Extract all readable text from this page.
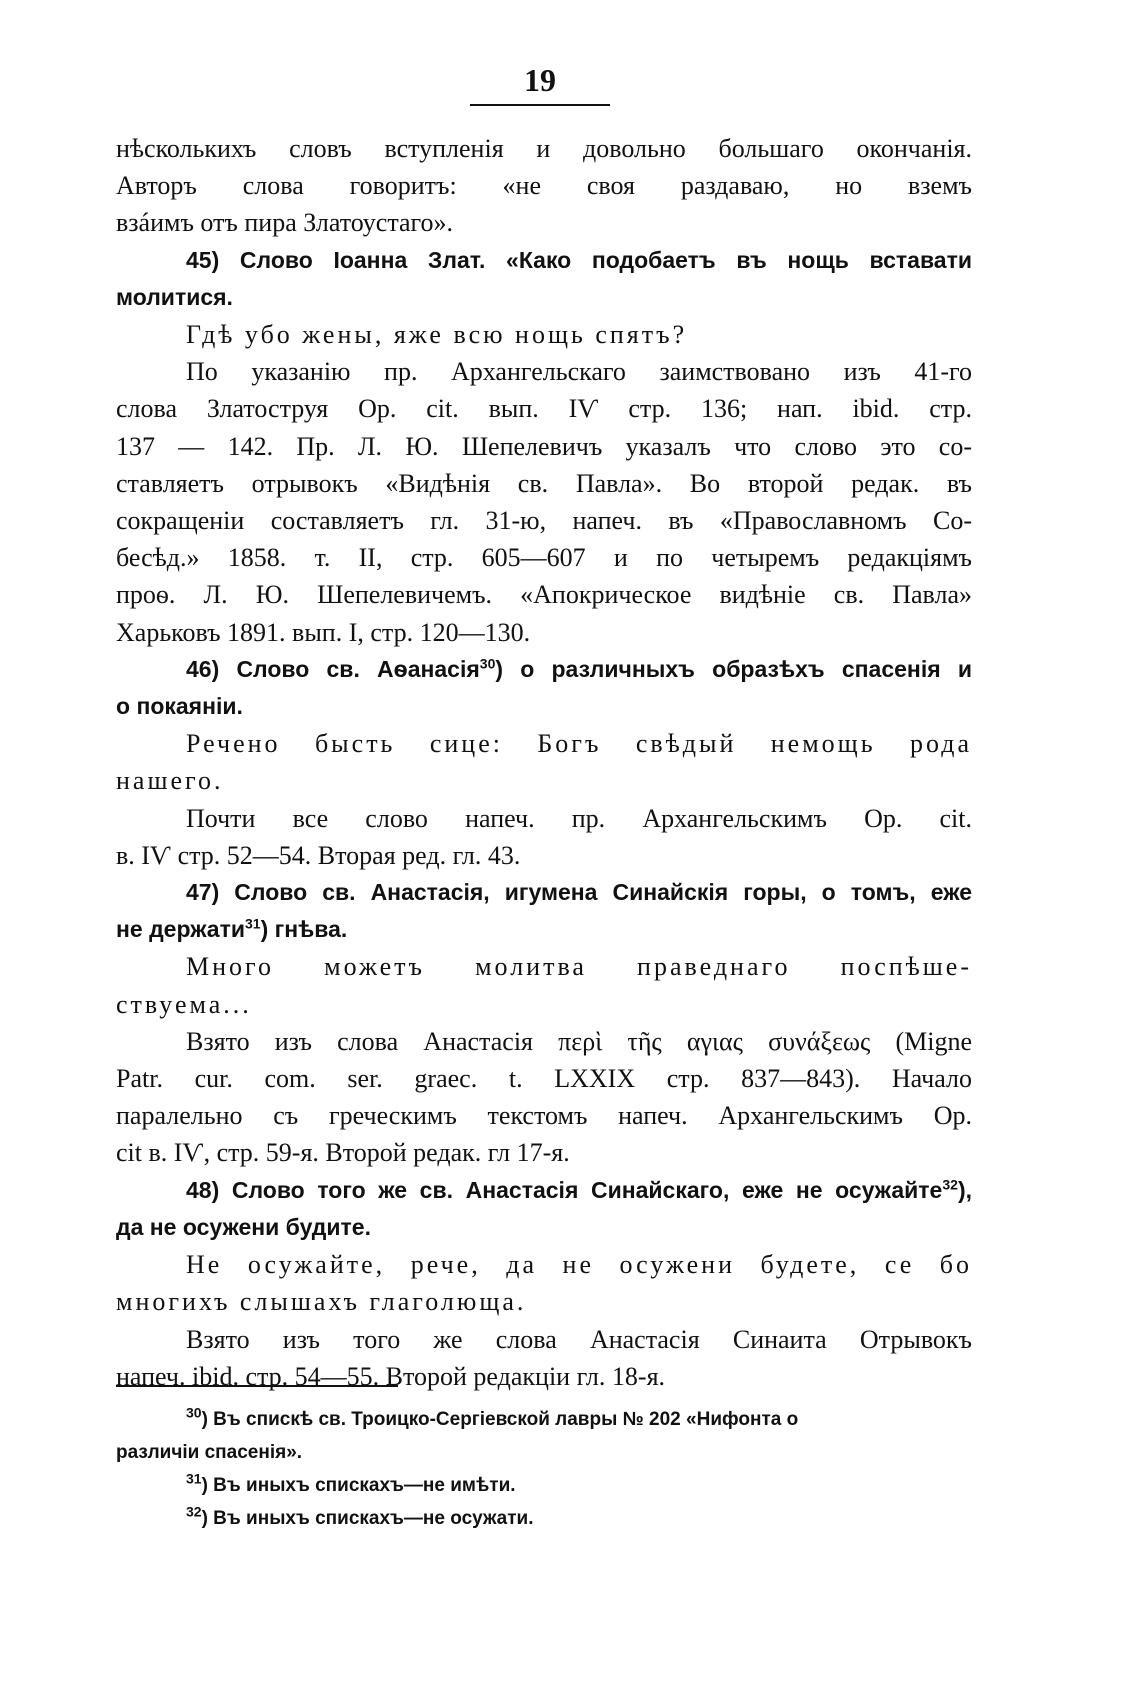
19
нѣсколькихъ словъ вступленія и довольно большаго окончанія.
Авторъ слова говоритъ: «не своя раздаваю, но вземъ
взáимъ отъ пира Златоустаго».
45) Слово Іоанна Злат. «Како подобаетъ въ нощь вставати
молитися.
Гдѣ убо жены, яже всю нощь спятъ?
По указанію пр. Архангельскаго заимствовано изъ 41-го
слова Златоструя Ор. cit. вып. IѴ стр. 136; нап. ibid. стр.
137 — 142. Пр. Л. Ю. Шепелевичъ указалъ что слово это со-
ставляетъ отрывокъ «Видѣнія св. Павла». Во второй редак. въ
сокращеніи составляетъ гл. 31-ю, напеч. въ «Православномъ Со-
бесѣд.» 1858. т. II, стр. 605—607 и по четыремъ редакціямъ
проѳ. Л. Ю. Шепелевичемъ. «Апокрическое видѣніе св. Павла»
Харьковъ 1891. вып. I, стр. 120—130.
46) Слово св. Аѳанасія$^{30}$) о различныхъ образѣхъ спасенія и
о покаяніи.
Речено бысть сице: Богъ свѣдый немощь рода
нашего.
Почти все слово напеч. пр. Архангельскимъ Ор. cit.
в. IѴ стр. 52—54. Вторая ред. гл. 43.
47) Слово св. Анастасія, игумена Синайскія горы, о томъ, еже
не держати$^{31}$) гнѣва.
Много можетъ молитва праведнаго поспѣше-
ствуема...
Взято изъ слова Анастасія περὶ τῆς αγιας συνάξεως (Migne
Patr. cur. com. ser. graec. t. LXXIX стр. 837—843). Начало
паралельно съ греческимъ текстомъ напеч. Архангельскимъ Ор.
cit в. IѴ, стр. 59-я. Второй редак. гл 17-я.
48) Слово того же св. Анастасія Синайскаго, еже не осужайте$^{32}$),
да не осужени будите.
Не осужайте, рече, да не осужени будете, се бо
многихъ слышахъ глаголюща.
Взято изъ того же слова Анастасія Синаита Отрывокъ
напеч. ibid. стр. 54—55. Второй редакціи гл. 18-я.
$^{30}$) Въ спискѣ св. Троицко-Сергіевской лавры № 202 «Нифонта о
различіи спасенія».
$^{31}$) Въ иныхъ спискахъ—не имѣти.
$^{32}$) Въ иныхъ спискахъ—не осужати.
